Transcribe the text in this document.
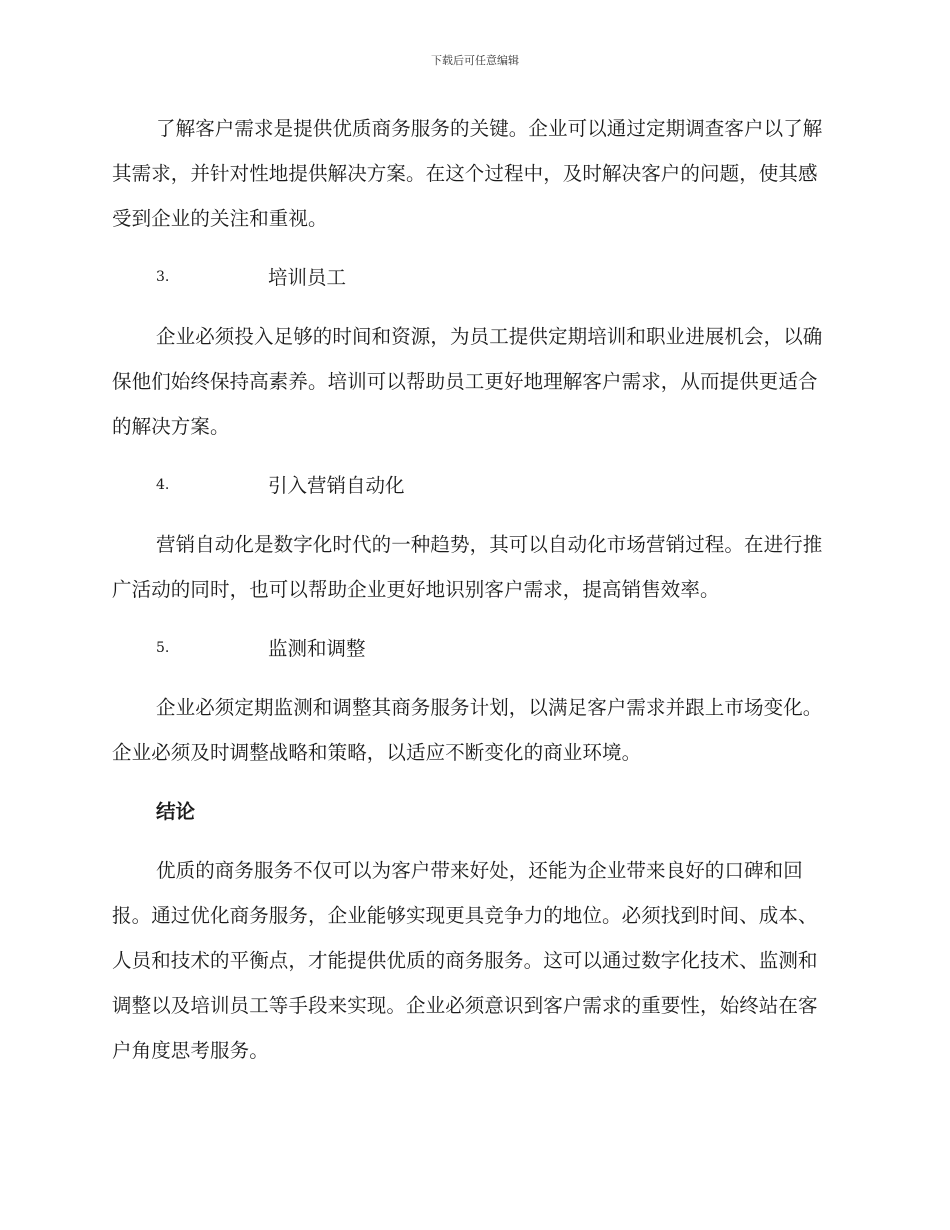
下载后可任意编辑

了解客户需求是提供优质商务服务的关键。企业可以通过定期调查客户以了解其需求，并针对性地提供解决方案。在这个过程中，及时解决客户的问题，使其感受到企业的关注和重视。

3.	培训员工

企业必须投入足够的时间和资源，为员工提供定期培训和职业进展机会，以确保他们始终保持高素养。培训可以帮助员工更好地理解客户需求，从而提供更适合的解决方案。

4.	引入营销自动化

营销自动化是数字化时代的一种趋势，其可以自动化市场营销过程。在进行推广活动的同时，也可以帮助企业更好地识别客户需求，提高销售效率。

5.	监测和调整

企业必须定期监测和调整其商务服务计划，以满足客户需求并跟上市场变化。企业必须及时调整战略和策略，以适应不断变化的商业环境。

结论

优质的商务服务不仅可以为客户带来好处，还能为企业带来良好的口碑和回报。通过优化商务服务，企业能够实现更具竞争力的地位。必须找到时间、成本、人员和技术的平衡点，才能提供优质的商务服务。这可以通过数字化技术、监测和调整以及培训员工等手段来实现。企业必须意识到客户需求的重要性，始终站在客户角度思考服务。
